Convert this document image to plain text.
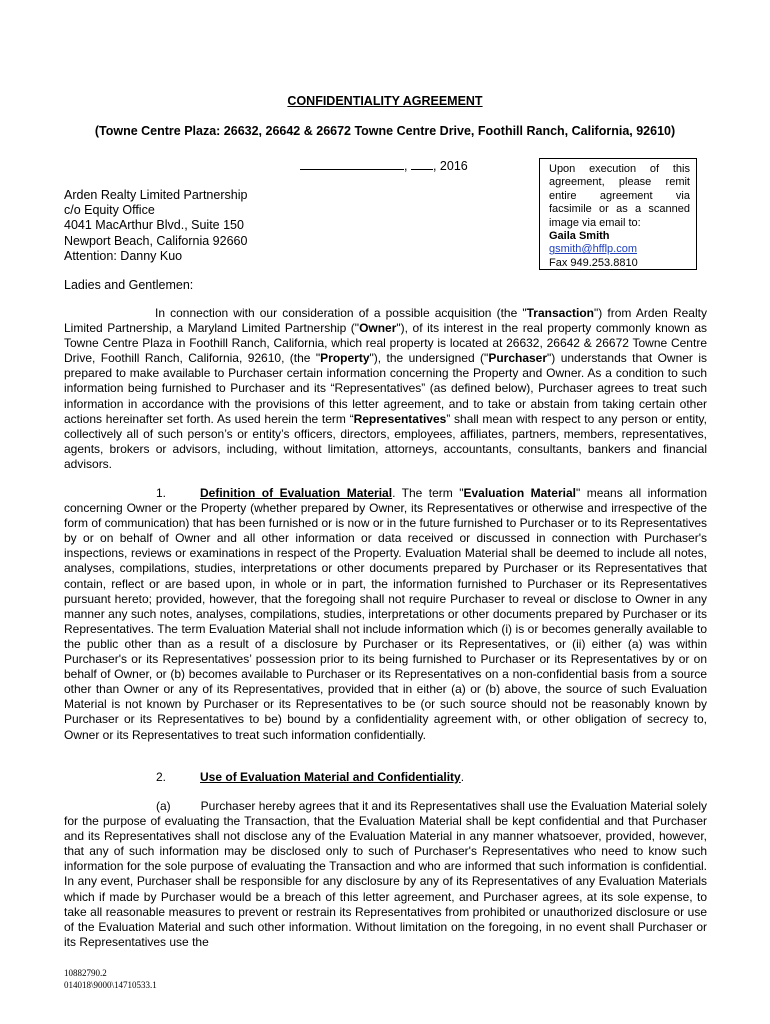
CONFIDENTIALITY AGREEMENT
(Towne Centre Plaza: 26632, 26642 & 26672 Towne Centre Drive, Foothill Ranch, California, 92610)
, , 2016	Upon execution of this
agreement, please remit
entire agreement via
facsimile or as a scanned
image via email to:
Gaila Smith
gsmith@hfflp.com
Fax 949.253.8810
Arden Realty Limited Partnership
c/o Equity Office
4041 MacArthur Blvd., Suite 150
Newport Beach, California 92660
Attention: Danny Kuo
Ladies and Gentlemen:

In connection with our consideration of a possible acquisition (the "Transaction") from Arden Realty Limited Partnership, a Maryland Limited Partnership ("Owner"), of its interest in the real property commonly known as Towne Centre Plaza in Foothill Ranch, California, which real property is located at 26632, 26642 & 26672 Towne Centre Drive, Foothill Ranch, California, 92610, (the "Property"), the undersigned ("Purchaser") understands that Owner is prepared to make available to Purchaser certain information concerning the Property and Owner. As a condition to such information being furnished to Purchaser and its “Representatives” (as defined below), Purchaser agrees to treat such information in accordance with the provisions of this letter agreement, and to take or abstain from taking certain other actions hereinafter set forth. As used herein the term “Representatives” shall mean with respect to any person or entity, collectively all of such person’s or entity’s officers, directors, employees, affiliates, partners, members, representatives, agents, brokers or advisors, including, without limitation, attorneys, accountants, consultants, bankers and financial advisors.

1.	Definition of Evaluation Material. The term "Evaluation Material" means all information concerning Owner or the Property (whether prepared by Owner, its Representatives or otherwise and irrespective of the form of communication) that has been furnished or is now or in the future furnished to Purchaser or to its Representatives by or on behalf of Owner and all other information or data received or discussed in connection with Purchaser's inspections, reviews or examinations in respect of the Property. Evaluation Material shall be deemed to include all notes, analyses, compilations, studies, interpretations or other documents prepared by Purchaser or its Representatives that contain, reflect or are based upon, in whole or in part, the information furnished to Purchaser or its Representatives pursuant hereto; provided, however, that the foregoing shall not require Purchaser to reveal or disclose to Owner in any manner any such notes, analyses, compilations, studies, interpretations or other documents prepared by Purchaser or its Representatives. The term Evaluation Material shall not include information which (i) is or becomes generally available to the public other than as a result of a disclosure by Purchaser or its Representatives, or (ii) either (a) was within Purchaser's or its Representatives’ possession prior to its being furnished to Purchaser or its Representatives by or on behalf of Owner, or (b) becomes available to Purchaser or its Representatives on a non-confidential basis from a source other than Owner or any of its Representatives, provided that in either (a) or (b) above, the source of such Evaluation Material is not known by Purchaser or its Representatives to be (or such source should not be reasonably known by Purchaser or its Representatives to be) bound by a confidentiality agreement with, or other obligation of secrecy to, Owner or its Representatives to treat such information confidentially.

2.	Use of Evaluation Material and Confidentiality.

(a)	Purchaser hereby agrees that it and its Representatives shall use the Evaluation Material solely for the purpose of evaluating the Transaction, that the Evaluation Material shall be kept confidential and that Purchaser and its Representatives shall not disclose any of the Evaluation Material in any manner whatsoever, provided, however, that any of such information may be disclosed only to such of Purchaser's Representatives who need to know such information for the sole purpose of evaluating the Transaction and who are informed that such information is confidential. In any event, Purchaser shall be responsible for any disclosure by any of its Representatives of any Evaluation Materials which if made by Purchaser would be a breach of this letter agreement, and Purchaser agrees, at its sole expense, to take all reasonable measures to prevent or restrain its Representatives from prohibited or unauthorized disclosure or use of the Evaluation Material and such other information. Without limitation on the foregoing, in no event shall Purchaser or its Representatives use the

10882790.2
014018\9000\14710533.1
